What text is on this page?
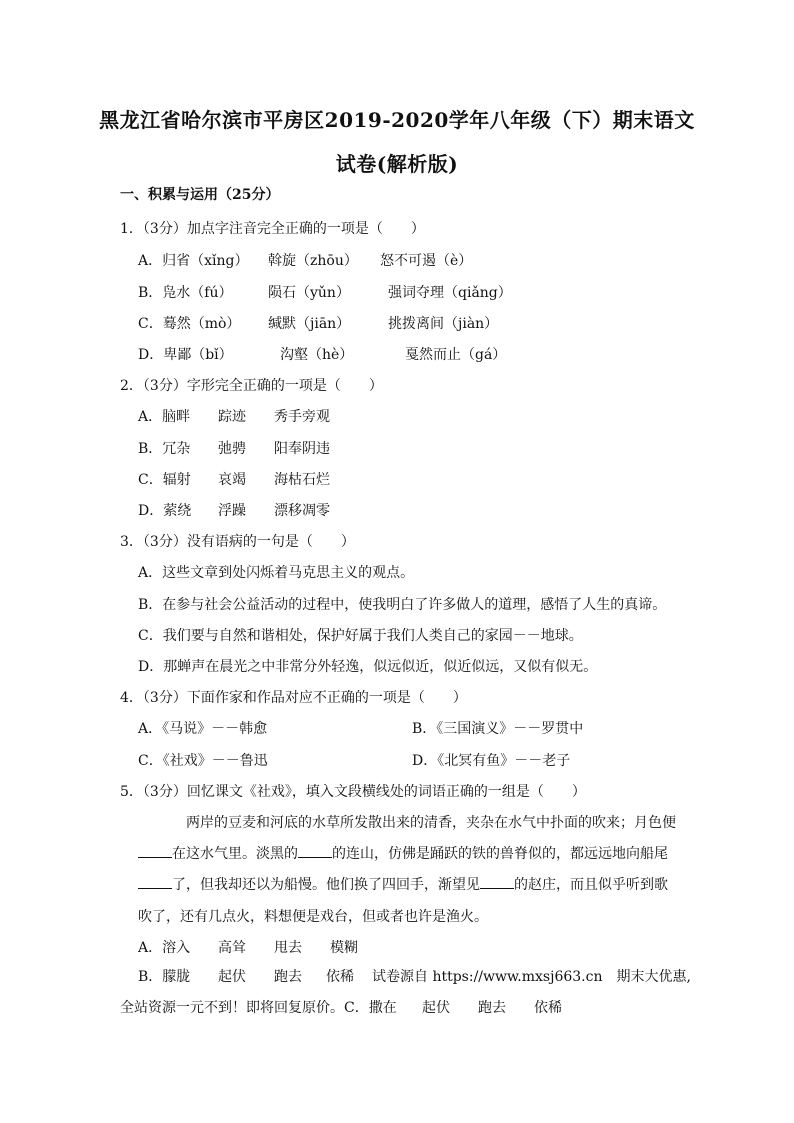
黑龙江省哈尔滨市平房区2019-2020学年八年级（下）期末语文
试卷(解析版)
一、积累与运用（25分）
1．（3分）加点字注音完全正确的一项是（　　）
A．归省（xǐng） 斡旋（zhōu） 怒不可遏（è）
B．凫水（fú）	陨石（yǔn）	强词夺理（qiǎng）
C．蓦然（mò） 缄默（jiān）	挑拨离间（jiàn）
D．卑鄙（bǐ）	沟壑（hè）	戛然而止（gá）
2．（3分）字形完全正确的一项是（　　）
A．脑畔 踪迹 秀手旁观
B．冗杂 弛骋 阳奉阴违
C．辐射 哀竭 海枯石烂
D．萦绕 浮躁 漂移凋零
3．（3分）没有语病的一句是（　　）
A．这些文章到处闪烁着马克思主义的观点。
B．在参与社会公益活动的过程中，使我明白了许多做人的道理，感悟了人生的真谛。
C．我们要与自然和谐相处，保护好属于我们人类自己的家园－－地球。
D．那蝉声在晨光之中非常分外轻逸，似远似近，似近似远，又似有似无。
4．（3分）下面作家和作品对应不正确的一项是（　　）
A．《马说》－－韩愈	B．《三国演义》－－罗贯中
C．《社戏》－－鲁迅	D．《北冥有鱼》－－老子
5．（3分）回忆课文《社戏》，填入文段横线处的词语正确的一组是（　　）
两岸的豆麦和河底的水草所发散出来的清香，夹杂在水气中扑面的吹来；月色便
在这水气里。淡黑的 的连山，仿佛是踊跃的铁的兽脊似的，都远远地向船尾
了，但我却还以为船慢。他们换了四回手，渐望见 的赵庄，而且似乎听到歌
吹了，还有几点火，料想便是戏台，但或者也许是渔火。
A．溶入 高耸 甩去 模糊
B．朦胧 起伏 跑去 依稀 试卷源自 https://www.mxsj663.cn　期末大优惠,
全站资源一元不到！即将回复原价。C．撒在 起伏 跑去 依稀
